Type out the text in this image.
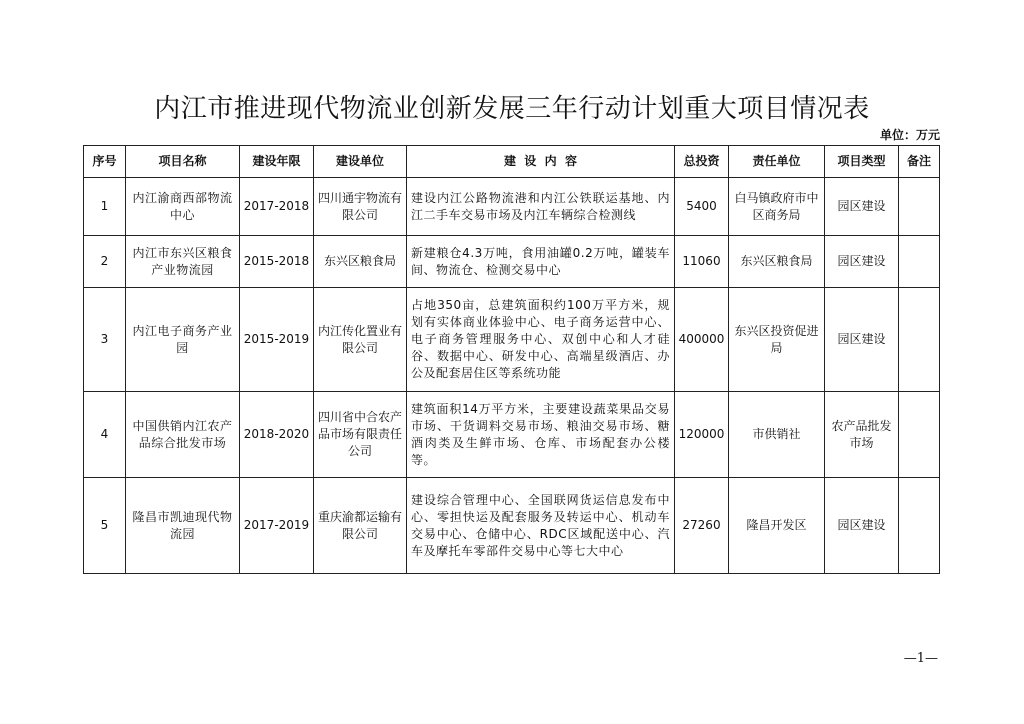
内江市推进现代物流业创新发展三年行动计划重大项目情况表
单位：万元
序号	项目名称	建设年限	建设单位	建  设  内  容	总投资	责任单位	项目类型	备注
1	内江渝商西部物流中心	2017-2018	四川通宇物流有限公司	建设内江公路物流港和内江公铁联运基地、内江二手车交易市场及内江车辆综合检测线	5400	白马镇政府市中区商务局	园区建设	
2	内江市东兴区粮食产业物流园	2015-2018	东兴区粮食局	新建粮仓4.3万吨，食用油罐0.2万吨，罐装车间、物流仓、检测交易中心	11060	东兴区粮食局	园区建设	
3	内江电子商务产业园	2015-2019	内江传化置业有限公司	占地350亩，总建筑面积约100万平方米，规划有实体商业体验中心、电子商务运营中心、电子商务管理服务中心、双创中心和人才硅谷、数据中心、研发中心、高端星级酒店、办公及配套居住区等系统功能	400000	东兴区投资促进局	园区建设	
4	中国供销内江农产品综合批发市场	2018-2020	四川省中合农产品市场有限责任公司	建筑面积14万平方米，主要建设蔬菜果品交易市场、干货调料交易市场、粮油交易市场、糖酒肉类及生鲜市场、仓库、市场配套办公楼等。	120000	市供销社	农产品批发市场	
5	隆昌市凯迪现代物流园	2017-2019	重庆渝都运输有限公司	建设综合管理中心、全国联网货运信息发布中心、零担快运及配套服务及转运中心、机动车交易中心、仓储中心、RDC区域配送中心、汽车及摩托车零部件交易中心等七大中心	27260	隆昌开发区	园区建设	
—1—
